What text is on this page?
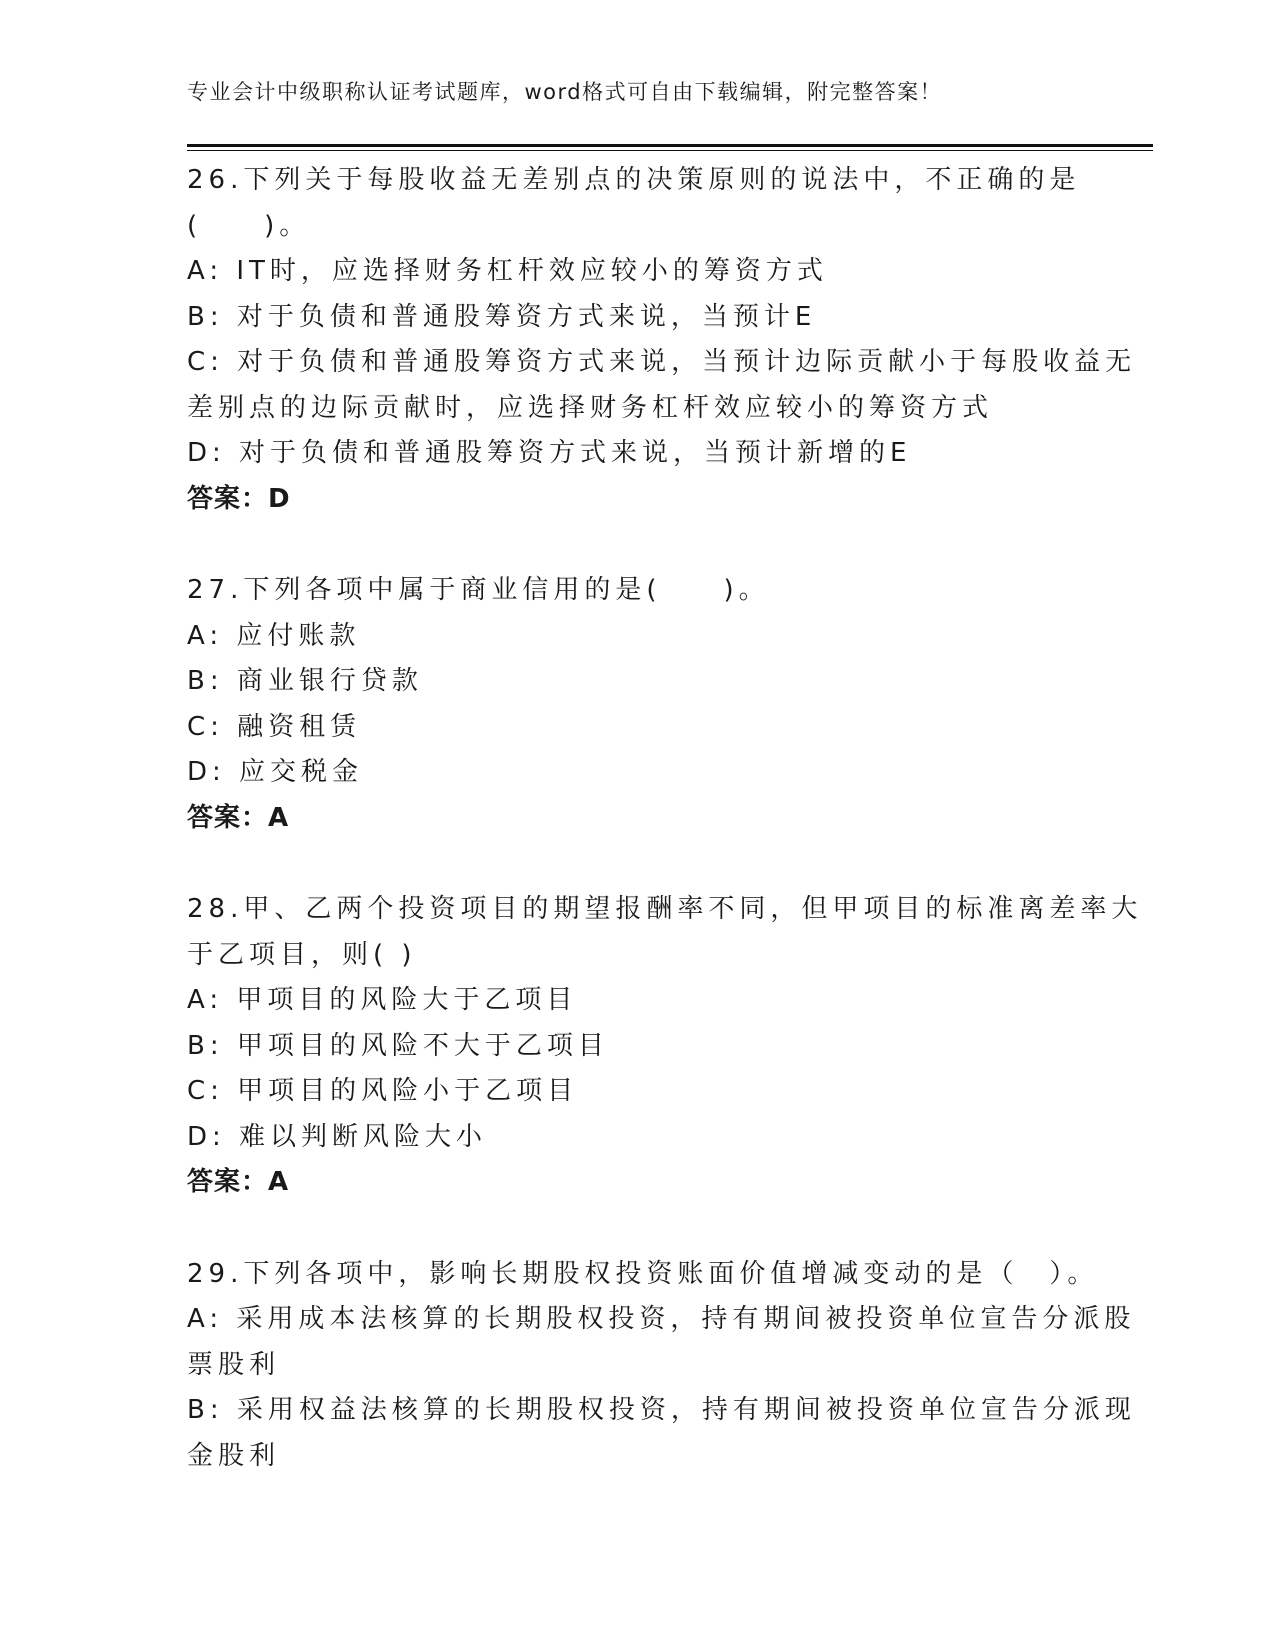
专业会计中级职称认证考试题库，word格式可自由下载编辑，附完整答案！
26.下列关于每股收益无差别点的决策原则的说法中，不正确的是
(　　)。
A: IT时，应选择财务杠杆效应较小的筹资方式
B: 对于负债和普通股筹资方式来说，当预计E
C: 对于负债和普通股筹资方式来说，当预计边际贡献小于每股收益无
差别点的边际贡献时，应选择财务杠杆效应较小的筹资方式
D: 对于负债和普通股筹资方式来说，当预计新增的E
答案：D
27.下列各项中属于商业信用的是(　　)。
A: 应付账款
B: 商业银行贷款
C: 融资租赁
D: 应交税金
答案：A
28.甲、乙两个投资项目的期望报酬率不同，但甲项目的标准离差率大
于乙项目，则( )
A: 甲项目的风险大于乙项目
B: 甲项目的风险不大于乙项目
C: 甲项目的风险小于乙项目
D: 难以判断风险大小
答案：A
29.下列各项中，影响长期股权投资账面价值增减变动的是（　）。
A: 采用成本法核算的长期股权投资，持有期间被投资单位宣告分派股
票股利
B: 采用权益法核算的长期股权投资，持有期间被投资单位宣告分派现
金股利
